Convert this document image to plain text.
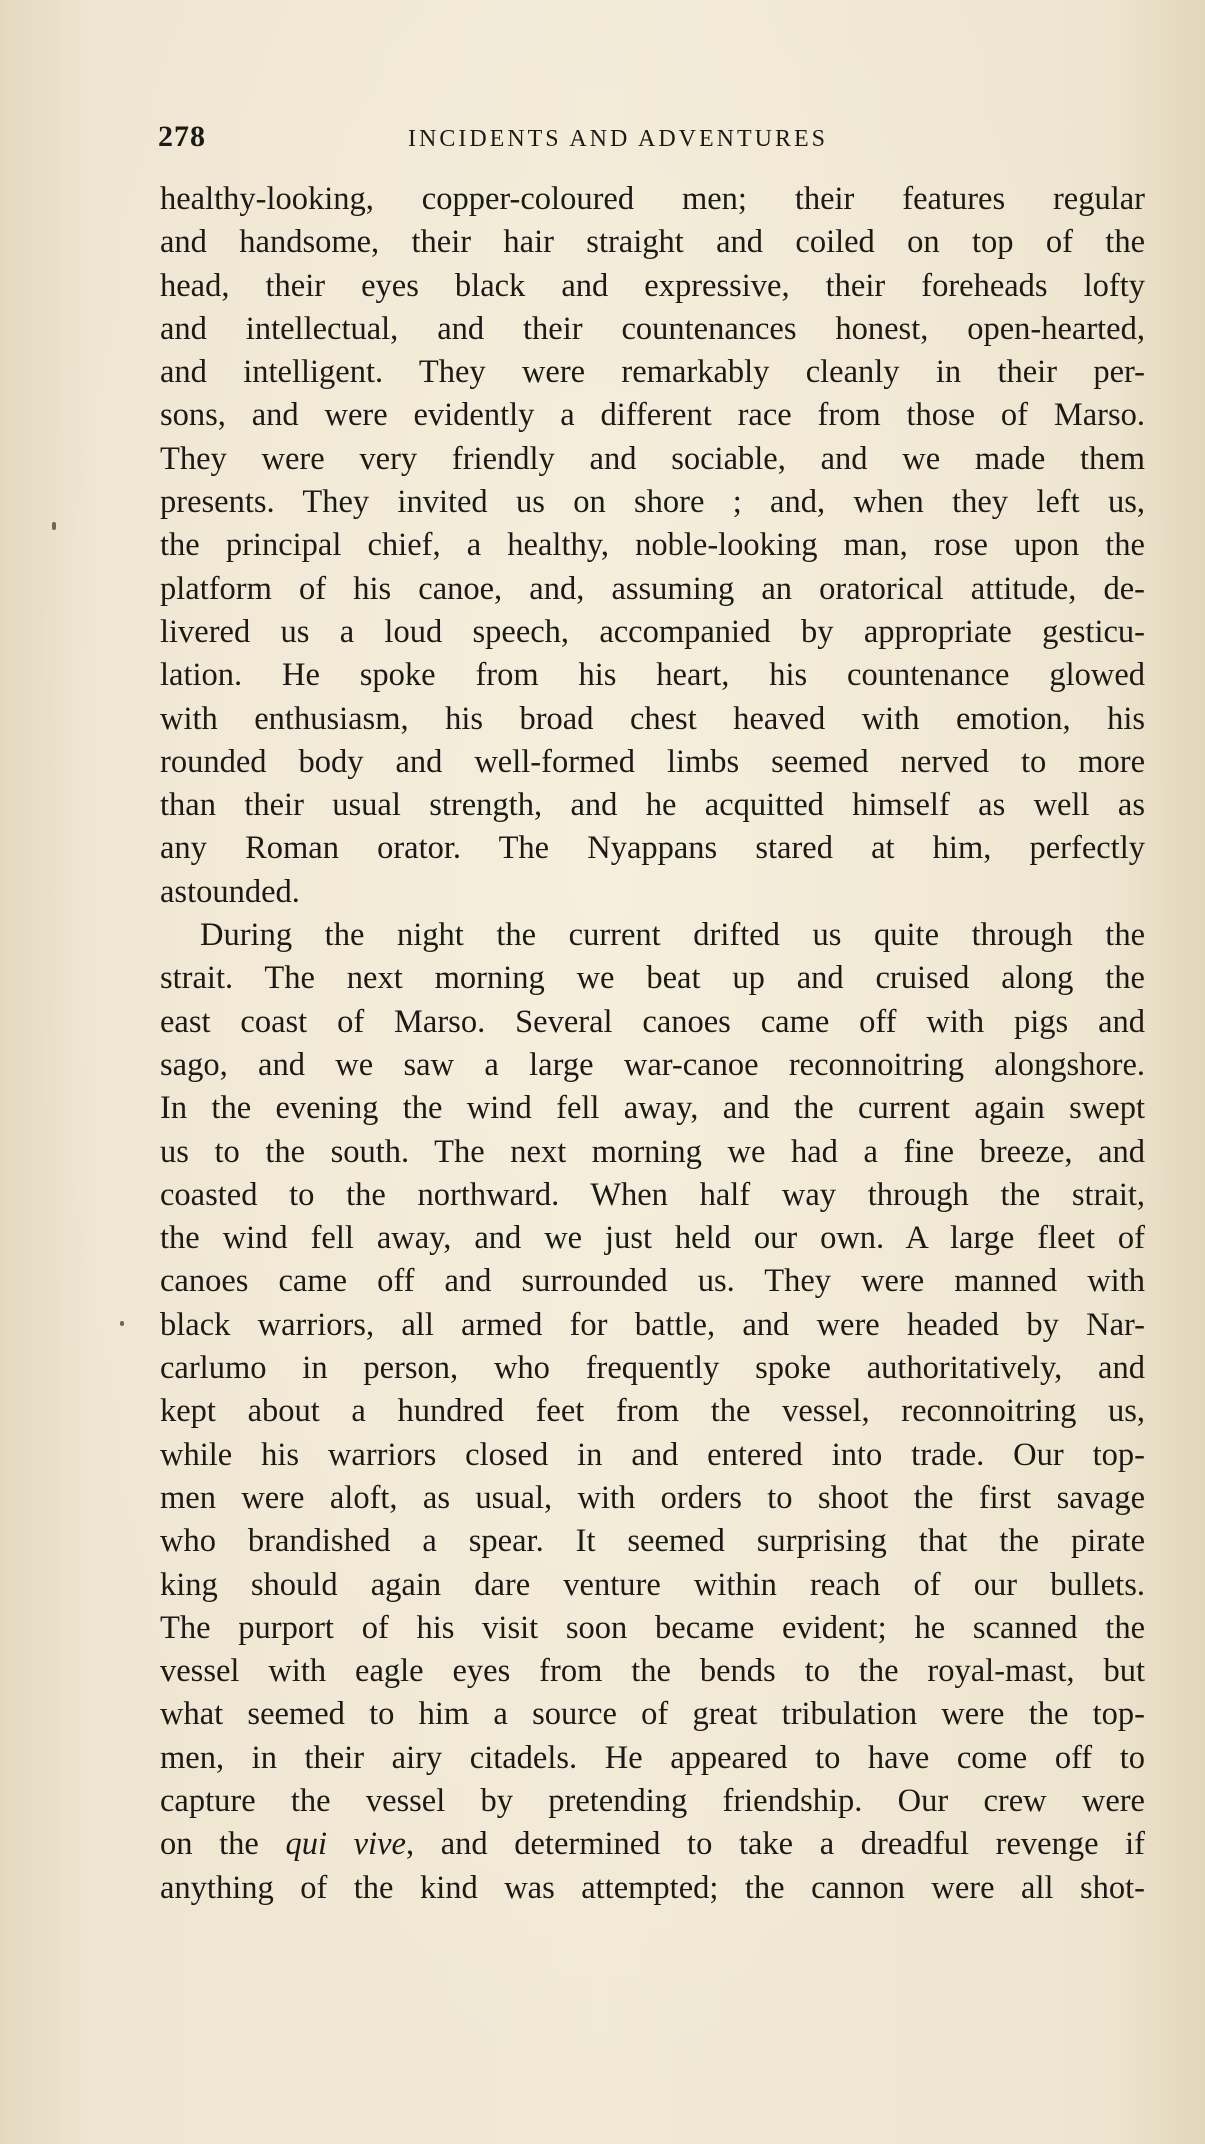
278	INCIDENTS AND ADVENTURES
healthy-looking, copper-coloured men; their features regular
and handsome, their hair straight and coiled on top of the
head, their eyes black and expressive, their foreheads lofty
and intellectual, and their countenances honest, open-hearted,
and intelligent. They were remarkably cleanly in their per-
sons, and were evidently a different race from those of Marso.
They were very friendly and sociable, and we made them
presents. They invited us on shore ; and, when they left us,
the principal chief, a healthy, noble-looking man, rose upon the
platform of his canoe, and, assuming an oratorical attitude, de-
livered us a loud speech, accompanied by appropriate gesticu-
lation. He spoke from his heart, his countenance glowed
with enthusiasm, his broad chest heaved with emotion, his
rounded body and well-formed limbs seemed nerved to more
than their usual strength, and he acquitted himself as well as
any Roman orator. The Nyappans stared at him, perfectly
astounded.
During the night the current drifted us quite through the
strait. The next morning we beat up and cruised along the
east coast of Marso. Several canoes came off with pigs and
sago, and we saw a large war-canoe reconnoitring alongshore.
In the evening the wind fell away, and the current again swept
us to the south. The next morning we had a fine breeze, and
coasted to the northward. When half way through the strait,
the wind fell away, and we just held our own. A large fleet of
canoes came off and surrounded us. They were manned with
black warriors, all armed for battle, and were headed by Nar-
carlumo in person, who frequently spoke authoritatively, and
kept about a hundred feet from the vessel, reconnoitring us,
while his warriors closed in and entered into trade. Our top-
men were aloft, as usual, with orders to shoot the first savage
who brandished a spear. It seemed surprising that the pirate
king should again dare venture within reach of our bullets.
The purport of his visit soon became evident; he scanned the
vessel with eagle eyes from the bends to the royal-mast, but
what seemed to him a source of great tribulation were the top-
men, in their airy citadels. He appeared to have come off to
capture the vessel by pretending friendship. Our crew were
on the qui vive, and determined to take a dreadful revenge if
anything of the kind was attempted; the cannon were all shot-
